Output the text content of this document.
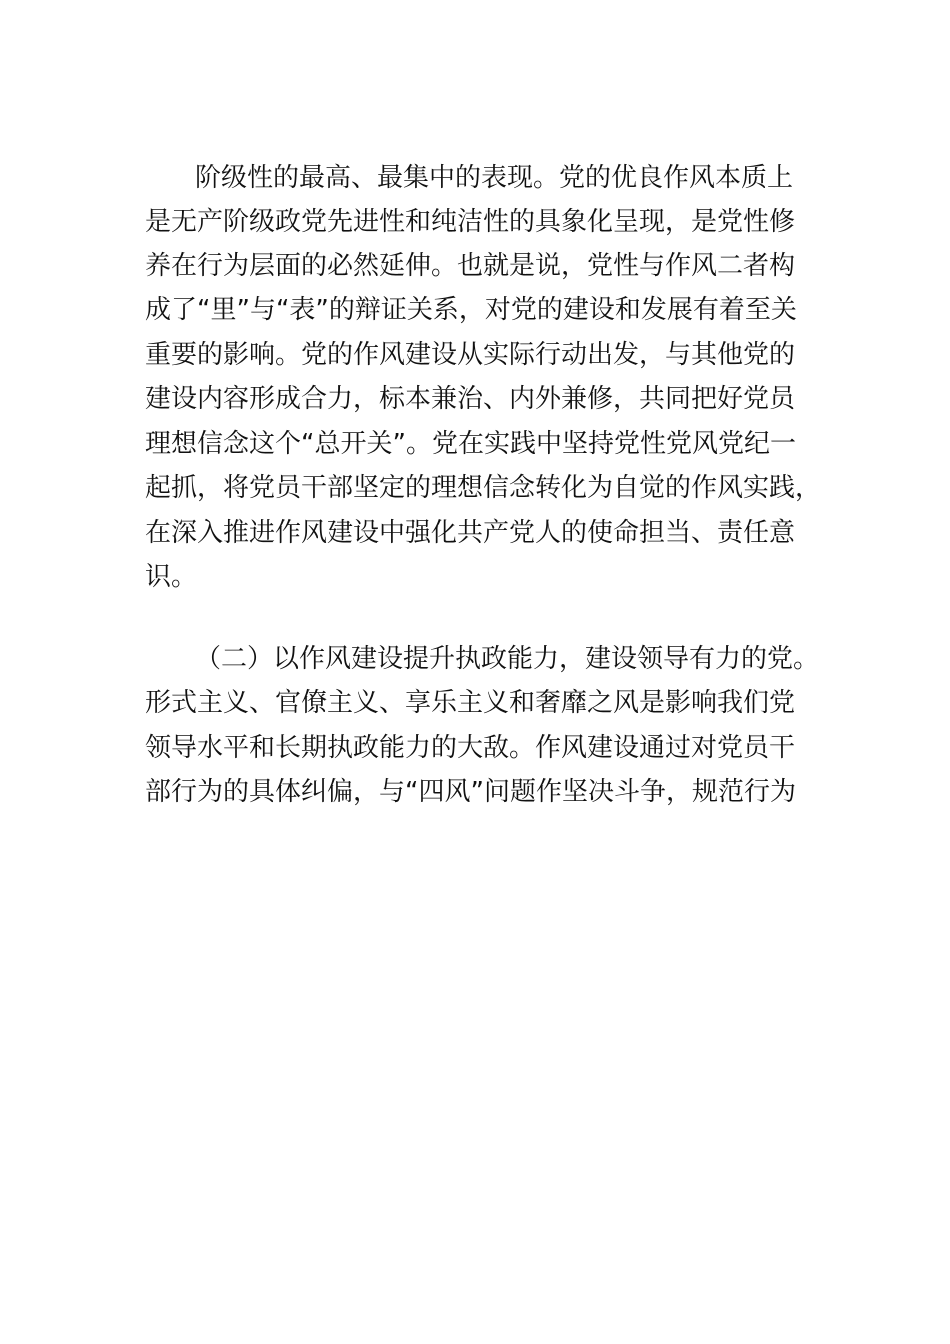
阶级性的最高、最集中的表现。党的优良作风本质上
是无产阶级政党先进性和纯洁性的具象化呈现，是党性修
养在行为层面的必然延伸。也就是说，党性与作风二者构
成了“里”与“表”的辩证关系，对党的建设和发展有着至关
重要的影响。党的作风建设从实际行动出发，与其他党的
建设内容形成合力，标本兼治、内外兼修，共同把好党员
理想信念这个“总开关”。党在实践中坚持党性党风党纪一
起抓，将党员干部坚定的理想信念转化为自觉的作风实践，
在深入推进作风建设中强化共产党人的使命担当、责任意
识。
（二）以作风建设提升执政能力，建设领导有力的党。
形式主义、官僚主义、享乐主义和奢靡之风是影响我们党
领导水平和长期执政能力的大敌。作风建设通过对党员干
部行为的具体纠偏，与“四风”问题作坚决斗争，规范行为
